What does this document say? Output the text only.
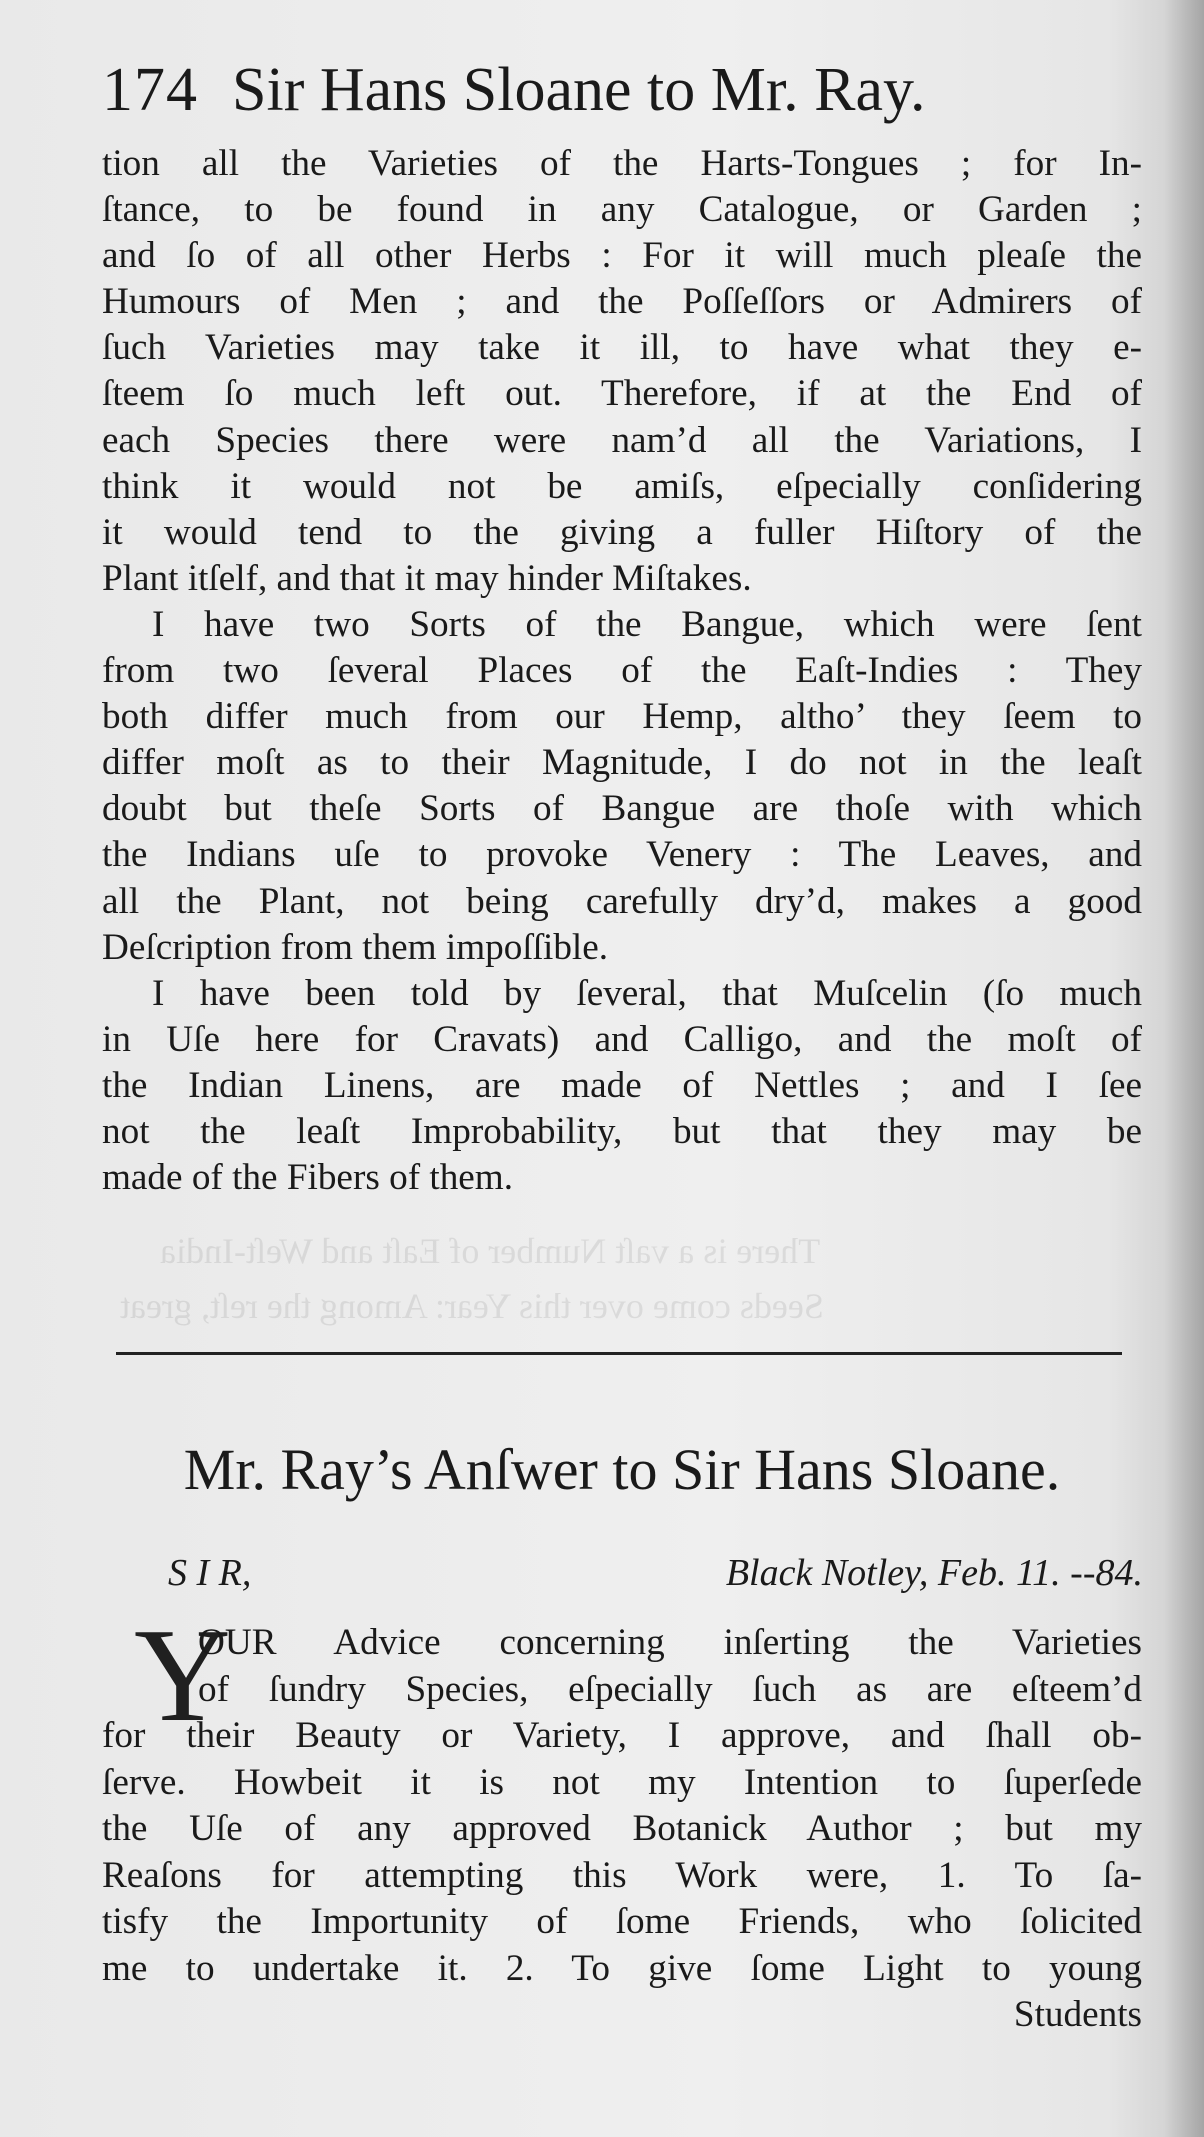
There is a vaſt Number of Eaſt and Weſt-India
Seeds come over this Year: Among the reſt, great
174 Sir Hans Sloane to Mr. Ray.
tion all the Varieties of the Harts-Tongues ; for In-
ſtance, to be found in any Catalogue, or Garden ;
and ſo of all other Herbs : For it will much pleaſe the
Humours of Men ; and the Poſſeſſors or Admirers of
ſuch Varieties may take it ill, to have what they e-
ſteem ſo much left out. Therefore, if at the End of
each Species there were nam’d all the Variations, I
think it would not be amiſs, eſpecially conſidering
it would tend to the giving a fuller Hiſtory of the
Plant itſelf, and that it may hinder Miſtakes.
I have two Sorts of the Bangue, which were ſent
from two ſeveral Places of the Eaſt-Indies : They
both differ much from our Hemp, altho’ they ſeem to
differ moſt as to their Magnitude, I do not in the leaſt
doubt but theſe Sorts of Bangue are thoſe with which
the Indians uſe to provoke Venery : The Leaves, and
all the Plant, not being carefully dry’d, makes a good
Deſcription from them impoſſible.
I have been told by ſeveral, that Muſcelin (ſo much
in Uſe here for Cravats) and Calligo, and the moſt of
the Indian Linens, are made of Nettles ; and I ſee
not the leaſt Improbability, but that they may be
made of the Fibers of them.
Mr. Ray’s Anſwer to Sir Hans Sloane.
S I R,	Black Notley, Feb. 11. --84.
Y
OUR Advice concerning inſerting the Varieties
of ſundry Species, eſpecially ſuch as are eſteem’d
for their Beauty or Variety, I approve, and ſhall ob-
ſerve. Howbeit it is not my Intention to ſuperſede
the Uſe of any approved Botanick Author ; but my
Reaſons for attempting this Work were, 1. To ſa-
tisfy the Importunity of ſome Friends, who ſolicited
me to undertake it. 2. To give ſome Light to young
Students
